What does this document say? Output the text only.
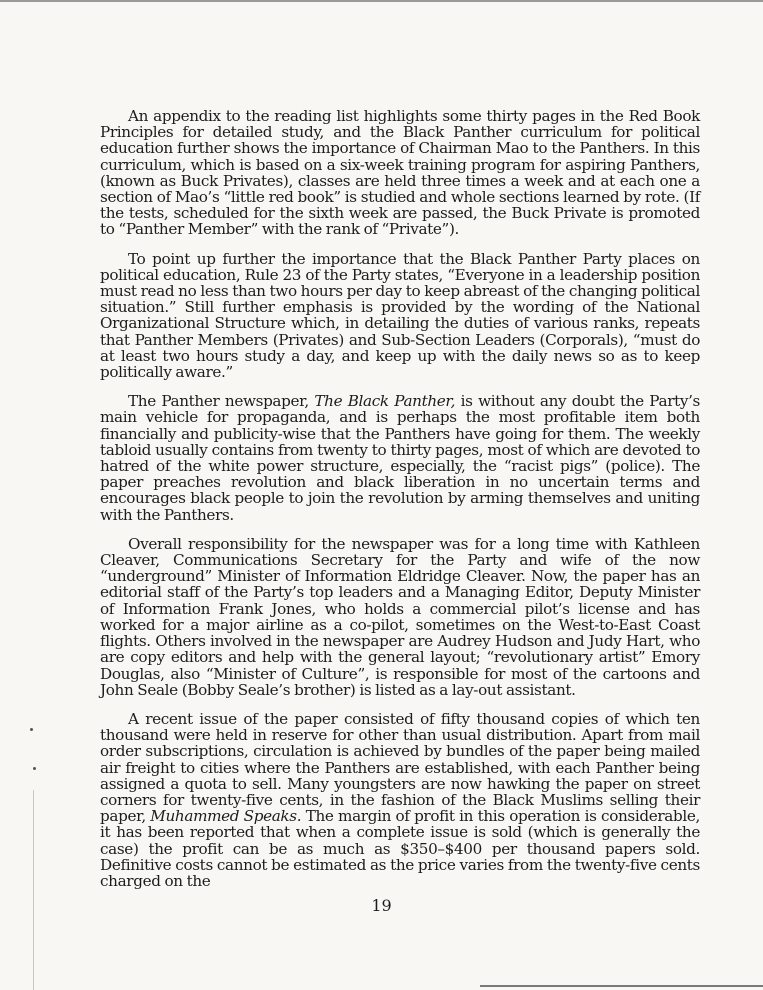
An appendix to the reading list highlights some thirty pages in the Red Book Principles for detailed study, and the Black Panther curriculum for political education further shows the importance of Chairman Mao to the Panthers. In this curriculum, which is based on a six-week training program for aspiring Panthers, (known as Buck Privates), classes are held three times a week and at each one a section of Mao’s “little red book” is studied and whole sections learned by rote. (If the tests, scheduled for the sixth week are passed, the Buck Private is promoted to “Panther Member” with the rank of “Private”).

To point up further the importance that the Black Panther Party places on political education, Rule 23 of the Party states, “Everyone in a leadership position must read no less than two hours per day to keep abreast of the changing political situation.” Still further emphasis is provided by the wording of the National Organizational Structure which, in detailing the duties of various ranks, repeats that Panther Members (Privates) and Sub-Section Leaders (Corporals), “must do at least two hours study a day, and keep up with the daily news so as to keep politically aware.”

The Panther newspaper, The Black Panther, is without any doubt the Party’s main vehicle for propaganda, and is perhaps the most profitable item both financially and publicity-wise that the Panthers have going for them. The weekly tabloid usually contains from twenty to thirty pages, most of which are devoted to hatred of the white power structure, especially, the “racist pigs” (police). The paper preaches revolution and black liberation in no uncertain terms and encourages black people to join the revolution by arming themselves and uniting with the Panthers.

Overall responsibility for the newspaper was for a long time with Kathleen Cleaver, Communications Secretary for the Party and wife of the now “underground” Minister of Information Eldridge Cleaver. Now, the paper has an editorial staff of the Party’s top leaders and a Managing Editor, Deputy Minister of Information Frank Jones, who holds a commercial pilot’s license and has worked for a major airline as a co-pilot, sometimes on the West-to-East Coast flights. Others involved in the newspaper are Audrey Hudson and Judy Hart, who are copy editors and help with the general layout; “revolutionary artist” Emory Douglas, also “Minister of Culture”, is responsible for most of the cartoons and John Seale (Bobby Seale’s brother) is listed as a lay-out assistant.

A recent issue of the paper consisted of fifty thousand copies of which ten thousand were held in reserve for other than usual distribution. Apart from mail order subscriptions, circulation is achieved by bundles of the paper being mailed air freight to cities where the Panthers are established, with each Panther being assigned a quota to sell. Many youngsters are now hawking the paper on street corners for twenty-five cents, in the fashion of the Black Muslims selling their paper, Muhammed Speaks. The margin of profit in this operation is considerable, it has been reported that when a complete issue is sold (which is generally the case) the profit can be as much as $350–$400 per thousand papers sold. Definitive costs cannot be estimated as the price varies from the twenty-five cents charged on the

19
